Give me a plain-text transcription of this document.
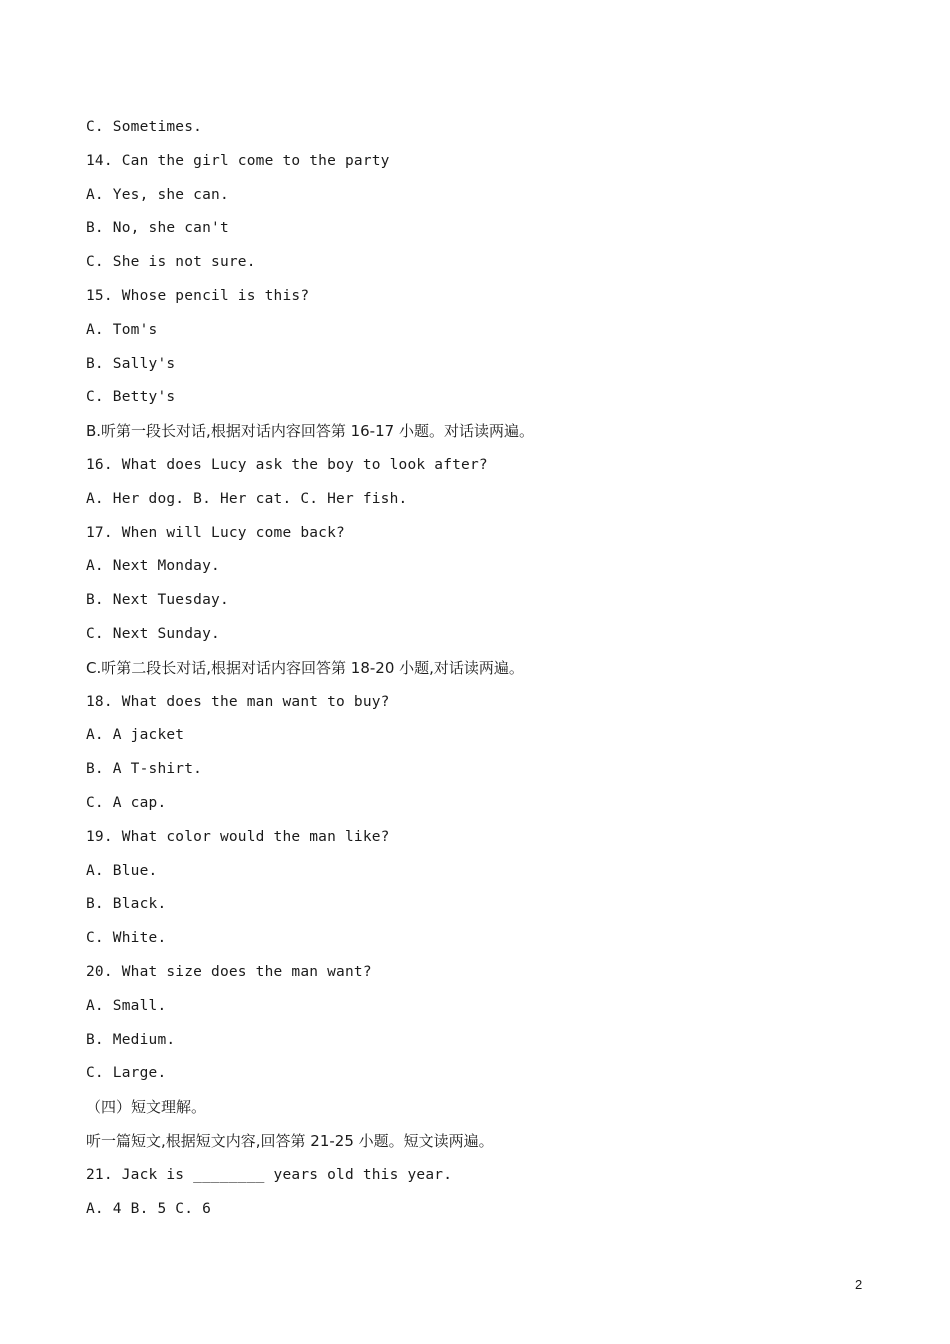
C. Sometimes.
14. Can the girl come to the party
A. Yes, she can.
B. No, she can't
C. She is not sure.
15. Whose pencil is this?
A. Tom's
B. Sally's
C. Betty's
B.听第一段长对话,根据对话内容回答第 16-17 小题。对话读两遍。
16. What does Lucy ask the boy to look after?
A. Her dog. B. Her cat. C. Her fish.
17. When will Lucy come back?
A. Next Monday.
B. Next Tuesday.
C. Next Sunday.
C.听第二段长对话,根据对话内容回答第 18-20 小题,对话读两遍。
18. What does the man want to buy?
A. A jacket
B. A T-shirt.
C. A cap.
19. What color would the man like?
A. Blue.
B. Black.
C. White.
20. What size does the man want?
A. Small.
B. Medium.
C. Large.
（四）短文理解。
听一篇短文,根据短文内容,回答第 21-25 小题。短文读两遍。
21. Jack is ________ years old this year.
A. 4 B. 5 C. 6
2
